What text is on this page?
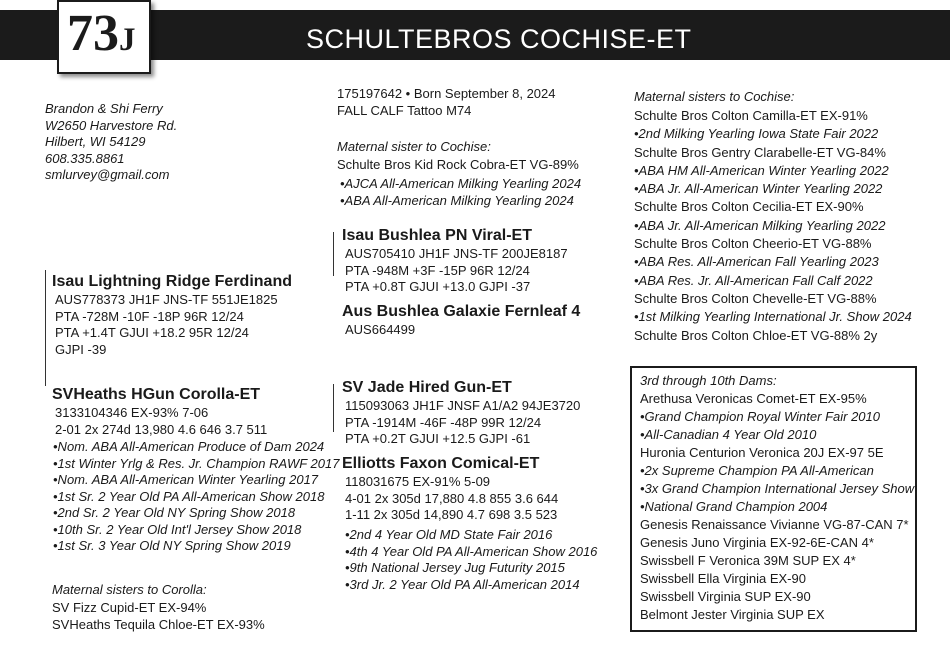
SCHULTEBROS COCHISE-ET
73J
Brandon & Shi Ferry
W2650 Harvestore Rd.
Hilbert, WI 54129
608.335.8861
smlurvey@gmail.com
Isau Lightning Ridge Ferdinand
AUS778373 JH1F JNS-TF 551JE1825
PTA -728M -10F -18P 96R 12/24
PTA +1.4T GJUI +18.2 95R 12/24
GJPI -39
SVHeaths HGun Corolla-ET
3133104346 EX-93% 7-06
2-01 2x 274d 13,980 4.6 646 3.7 511
•Nom. ABA All-American Produce of Dam 2024
•1st Winter Yrlg & Res. Jr. Champion RAWF 2017
•Nom. ABA All-American Winter Yearling 2017
•1st Sr. 2 Year Old PA All-American Show 2018
•2nd Sr. 2 Year Old NY Spring Show 2018
•10th Sr. 2 Year Old Int'l Jersey Show 2018
•1st Sr. 3 Year Old NY Spring Show 2019
Maternal sisters to Corolla:
SV Fizz Cupid-ET EX-94%
SVHeaths Tequila Chloe-ET EX-93%
175197642 • Born September 8, 2024
FALL CALF Tattoo M74
Maternal sister to Cochise:
Schulte Bros Kid Rock Cobra-ET VG-89%
•AJCA All-American Milking Yearling 2024
•ABA All-American Milking Yearling 2024
Isau Bushlea PN Viral-ET
AUS705410 JH1F JNS-TF 200JE8187
PTA -948M +3F -15P 96R 12/24
PTA +0.8T GJUI +13.0 GJPI -37
Aus Bushlea Galaxie Fernleaf 4
AUS664499
SV Jade Hired Gun-ET
115093063 JH1F JNSF A1/A2 94JE3720
PTA -1914M -46F -48P 99R 12/24
PTA +0.2T GJUI +12.5 GJPI -61
Elliotts Faxon Comical-ET
118031675 EX-91% 5-09
4-01 2x 305d 17,880 4.8 855 3.6 644
1-11 2x 305d 14,890 4.7 698 3.5 523
•2nd 4 Year Old MD State Fair 2016
•4th 4 Year Old PA All-American Show 2016
•9th National Jersey Jug Futurity 2015
•3rd Jr. 2 Year Old PA All-American 2014
Maternal sisters to Cochise:
Schulte Bros Colton Camilla-ET EX-91%
•2nd Milking Yearling Iowa State Fair 2022
Schulte Bros Gentry Clarabelle-ET VG-84%
•ABA HM All-American Winter Yearling 2022
•ABA Jr. All-American Winter Yearling 2022
Schulte Bros Colton Cecilia-ET EX-90%
•ABA Jr. All-American Milking Yearling 2022
Schulte Bros Colton Cheerio-ET VG-88%
•ABA Res. All-American Fall Yearling 2023
•ABA Res. Jr. All-American Fall Calf 2022
Schulte Bros Colton Chevelle-ET VG-88%
•1st Milking Yearling International Jr. Show 2024
Schulte Bros Colton Chloe-ET VG-88% 2y
3rd through 10th Dams:
Arethusa Veronicas Comet-ET EX-95%
•Grand Champion Royal Winter Fair 2010
•All-Canadian 4 Year Old 2010
Huronia Centurion Veronica 20J EX-97 5E
•2x Supreme Champion PA All-American
•3x Grand Champion International Jersey Show
•National Grand Champion 2004
Genesis Renaissance Vivianne VG-87-CAN 7*
Genesis Juno Virginia EX-92-6E-CAN 4*
Swissbell F Veronica 39M SUP EX 4*
Swissbell Ella Virginia EX-90
Swissbell Virginia SUP EX-90
Belmont Jester Virginia SUP EX
